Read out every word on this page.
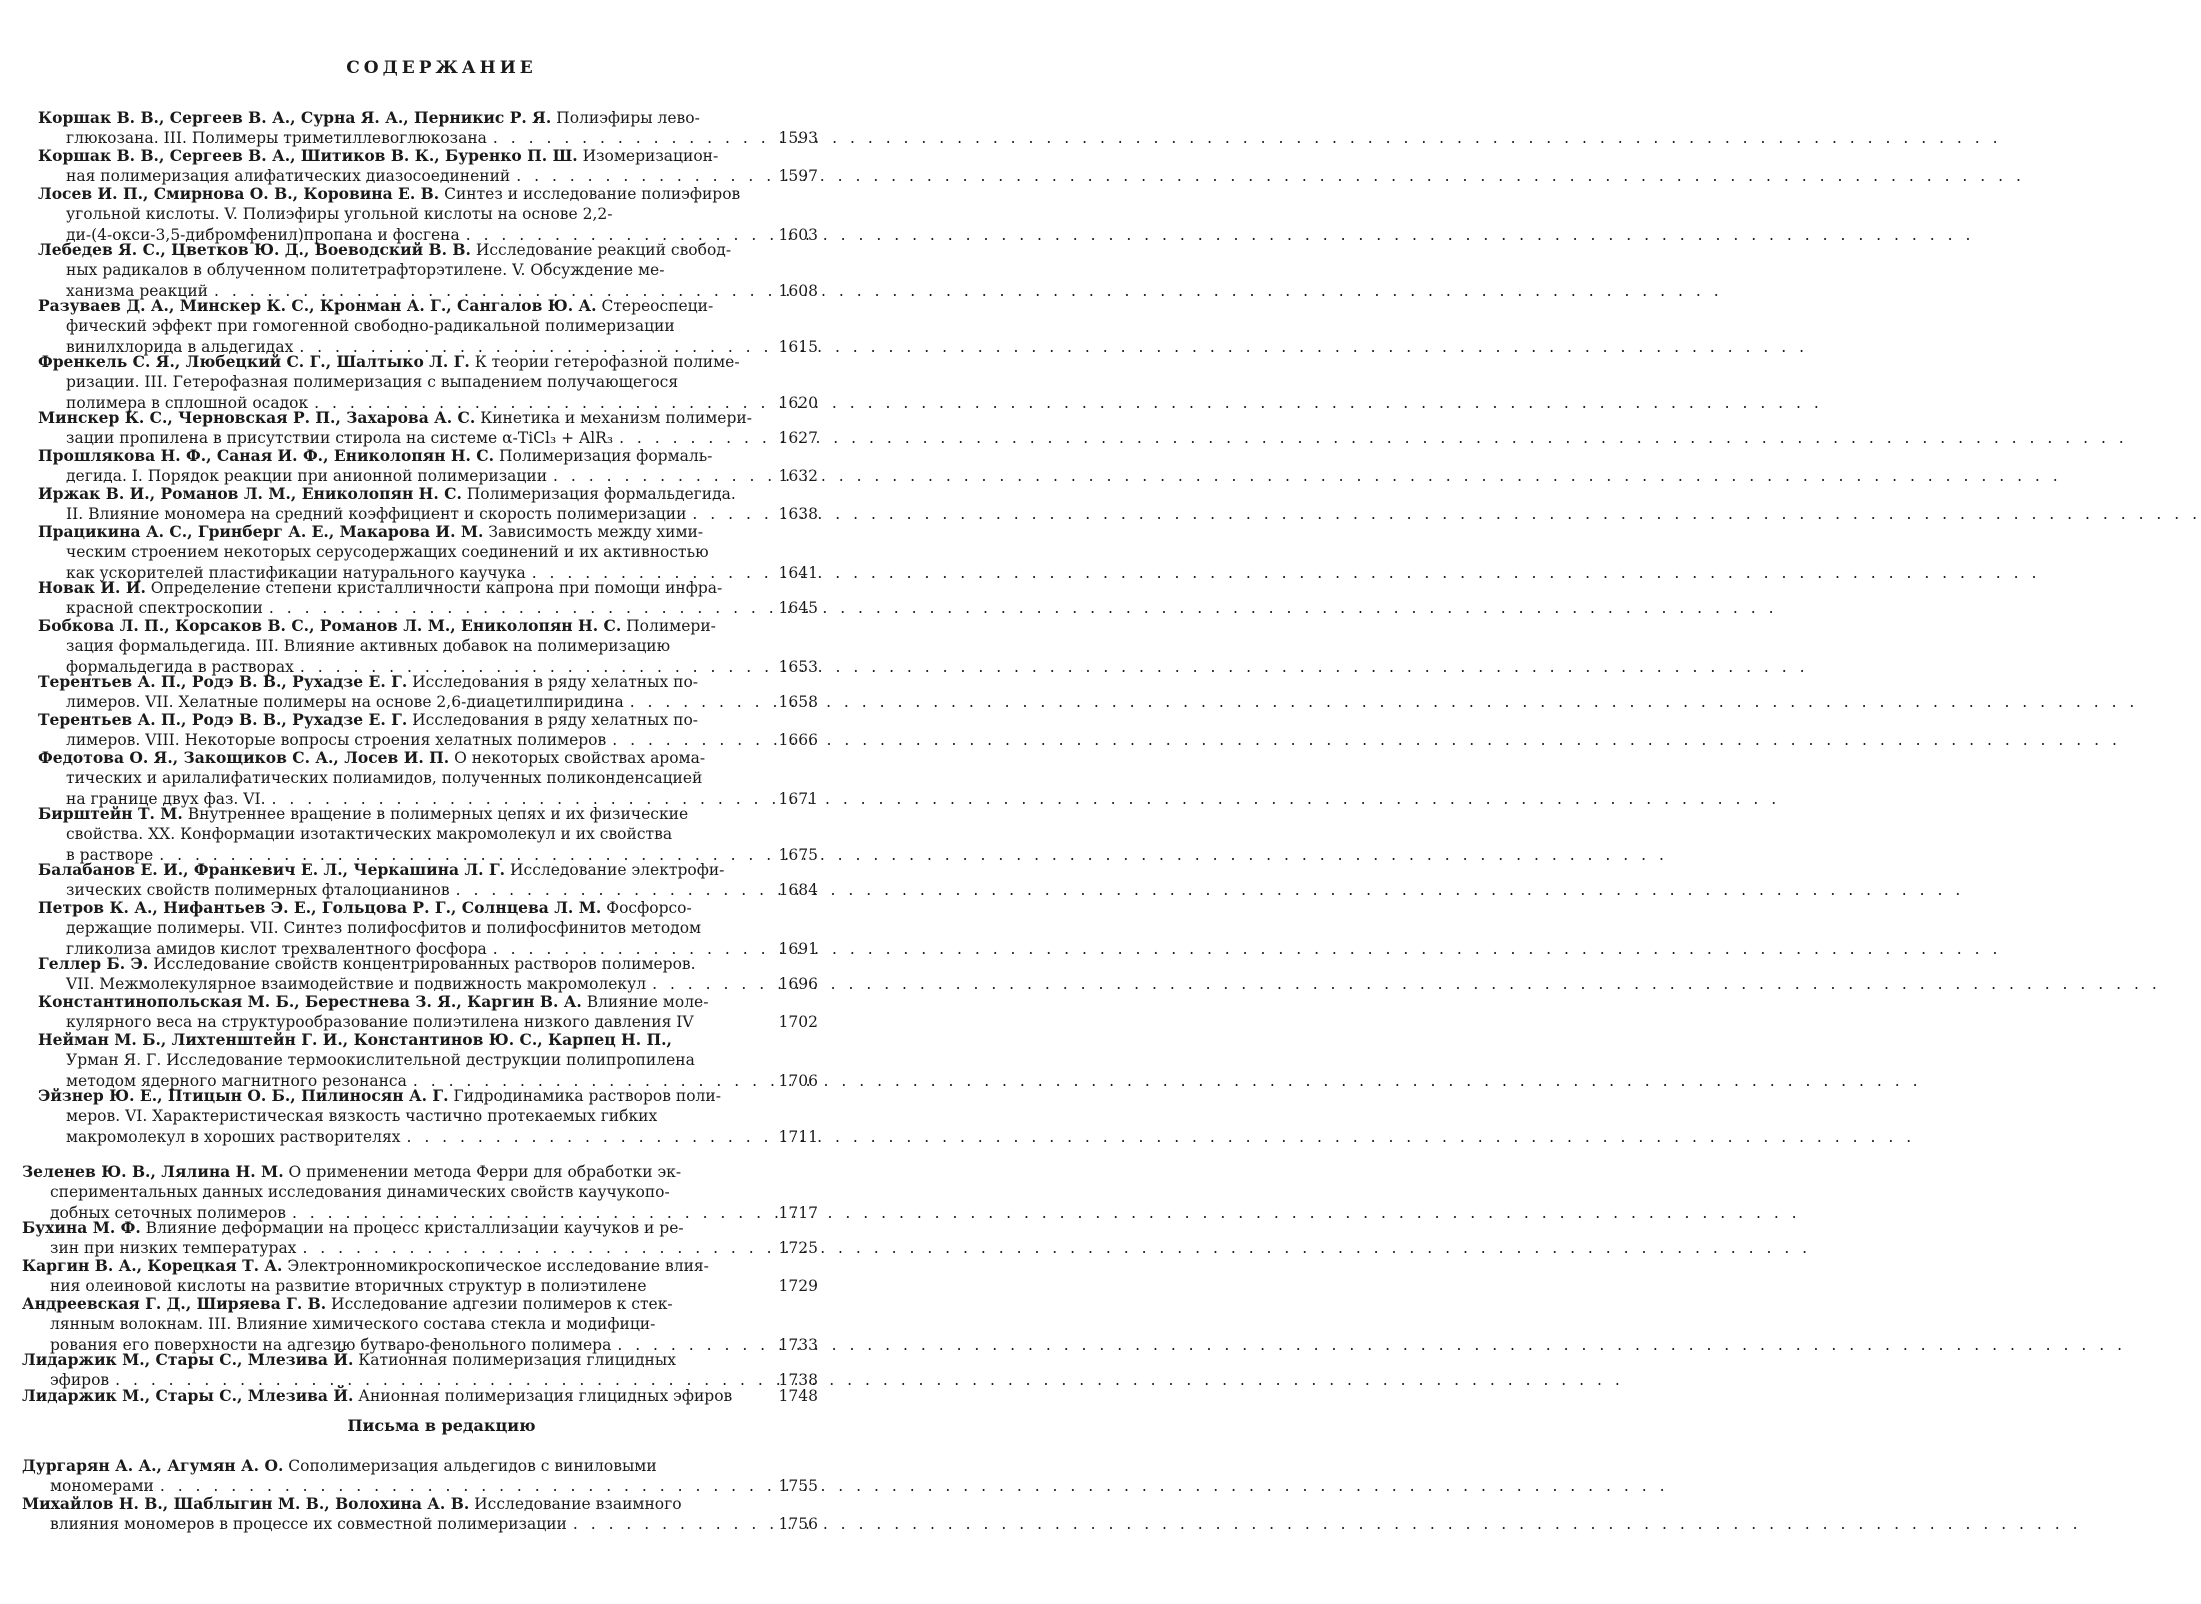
СОДЕРЖАНИЕ
Коршак В. В., Сергеев В. А., Сурна Я. А., Перникис Р. Я. Полиэфиры лево-
глюкозана. III. Полимеры триметиллевоглюкозана . . .	1593
Коршак В. В., Сергеев В. А., Шитиков В. К., Буренко П. Ш. Изомеризацион-
ная полимеризация алифатических диазосоединений . . .	1597
Лосев И. П., Смирнова О. В., Коровина Е. В. Синтез и исследование полиэфиров
угольной кислоты. V. Полиэфиры угольной кислоты на основе 2,2-
ди-(4-окси-3,5-дибромфенил)пропана и фосгена . . .	1603
Лебедев Я. С., Цветков Ю. Д., Воеводский В. В. Исследование реакций свобод-
ных радикалов в облученном политетрафторэтилене. V. Обсуждение ме-
ханизма реакций . . .	1608
Разуваев Д. А., Минскер К. С., Кронман А. Г., Сангалов Ю. А. Стереоспеци-
фический эффект при гомогенной свободно-радикальной полимеризации
винилхлорида в альдегидах . . .	1615
Френкель С. Я., Любецкий С. Г., Шалтыко Л. Г. К теории гетерофазной полиме-
ризации. III. Гетерофазная полимеризация с выпадением получающегося
полимера в сплошной осадок . . .	1620
Минскер К. С., Черновская Р. П., Захарова А. С. Кинетика и механизм полимери-
зации пропилена в присутствии стирола на системе α-TiCl₃ + AlR₃ . . .	1627
Прошлякова Н. Ф., Саная И. Ф., Ениколопян Н. С. Полимеризация формаль-
дегида. I. Порядок реакции при анионной полимеризации . . .	1632
Иржак В. И., Романов Л. М., Ениколопян Н. С. Полимеризация формальдегида.
II. Влияние мономера на средний коэффициент и скорость полимеризации . . .	1638
Працикина А. С., Гринберг А. Е., Макарова И. М. Зависимость между хими-
ческим строением некоторых серусодержащих соединений и их активностью
как ускорителей пластификации натурального каучука . . .	1641
Новак И. И. Определение степени кристалличности капрона при помощи инфра-
красной спектроскопии . . .	1645
Бобкова Л. П., Корсаков В. С., Романов Л. М., Ениколопян Н. С. Полимери-
зация формальдегида. III. Влияние активных добавок на полимеризацию
формальдегида в растворах . . .	1653
Терентьев А. П., Родэ В. В., Рухадзе Е. Г. Исследования в ряду хелатных по-
лимеров. VII. Хелатные полимеры на основе 2,6-диацетилпиридина . . .	1658
Терентьев А. П., Родэ В. В., Рухадзе Е. Г. Исследования в ряду хелатных по-
лимеров. VIII. Некоторые вопросы строения хелатных полимеров . . .	1666
Федотова О. Я., Закощиков С. А., Лосев И. П. О некоторых свойствах арома-
тических и арилалифатических полиамидов, полученных поликонденсацией
на границе двух фаз. VI. . . .	1671
Бирштейн Т. М. Внутреннее вращение в полимерных цепях и их физические
свойства. XX. Конформации изотактических макромолекул и их свойства
в растворе . . .	1675
Балабанов Е. И., Франкевич Е. Л., Черкашина Л. Г. Исследование электрофи-
зических свойств полимерных фталоцианинов . . .	1684
Петров К. А., Нифантьев Э. Е., Гольцова Р. Г., Солнцева Л. М. Фосфорсо-
держащие полимеры. VII. Синтез полифосфитов и полифосфинитов методом
гликолиза амидов кислот трехвалентного фосфора . . .	1691
Геллер Б. Э. Исследование свойств концентрированных растворов полимеров.
VII. Межмолекулярное взаимодействие и подвижность макромолекул . . .	1696
Константинопольская М. Б., Берестнева З. Я., Каргин В. А. Влияние моле-
кулярного веса на структурообразование полиэтилена низкого давления IV	1702
Нейман М. Б., Лихтенштейн Г. И., Константинов Ю. С., Карпец Н. П.,
Урман Я. Г. Исследование термоокислительной деструкции полипропилена
методом ядерного магнитного резонанса . . .	1706
Эйзнер Ю. Е., Птицын О. Б., Пилиносян А. Г. Гидродинамика растворов поли-
меров. VI. Характеристическая вязкость частично протекаемых гибких
макромолекул в хороших растворителях . . .	1711
Зеленев Ю. В., Лялина Н. М. О применении метода Ферри для обработки эк-
спериментальных данных исследования динамических свойств каучукопо-
добных сеточных полимеров . . .	1717
Бухина М. Ф. Влияние деформации на процесс кристаллизации каучуков и ре-
зин при низких температурах . . .	1725
Каргин В. А., Корецкая Т. А. Электронномикроскопическое исследование влия-
ния олеиновой кислоты на развитие вторичных структур в полиэтилене	1729
Андреевская Г. Д., Ширяева Г. В. Исследование адгезии полимеров к стек-
лянным волокнам. III. Влияние химического состава стекла и модифици-
рования его поверхности на адгезию бутваро-фенольного полимера . . .	1733
Лидаржик М., Стары С., Млезива Й. Катионная полимеризация глицидных
эфиров . . .	1738
Лидаржик М., Стары С., Млезива Й. Анионная полимеризация глицидных эфиров	1748
Письма в редакцию
Дургарян А. А., Агумян А. О. Сополимеризация альдегидов с виниловыми
мономерами . . .	1755
Михайлов Н. В., Шаблыгин М. В., Волохина А. В. Исследование взаимного
влияния мономеров в процессе их совместной полимеризации . . .	1756
